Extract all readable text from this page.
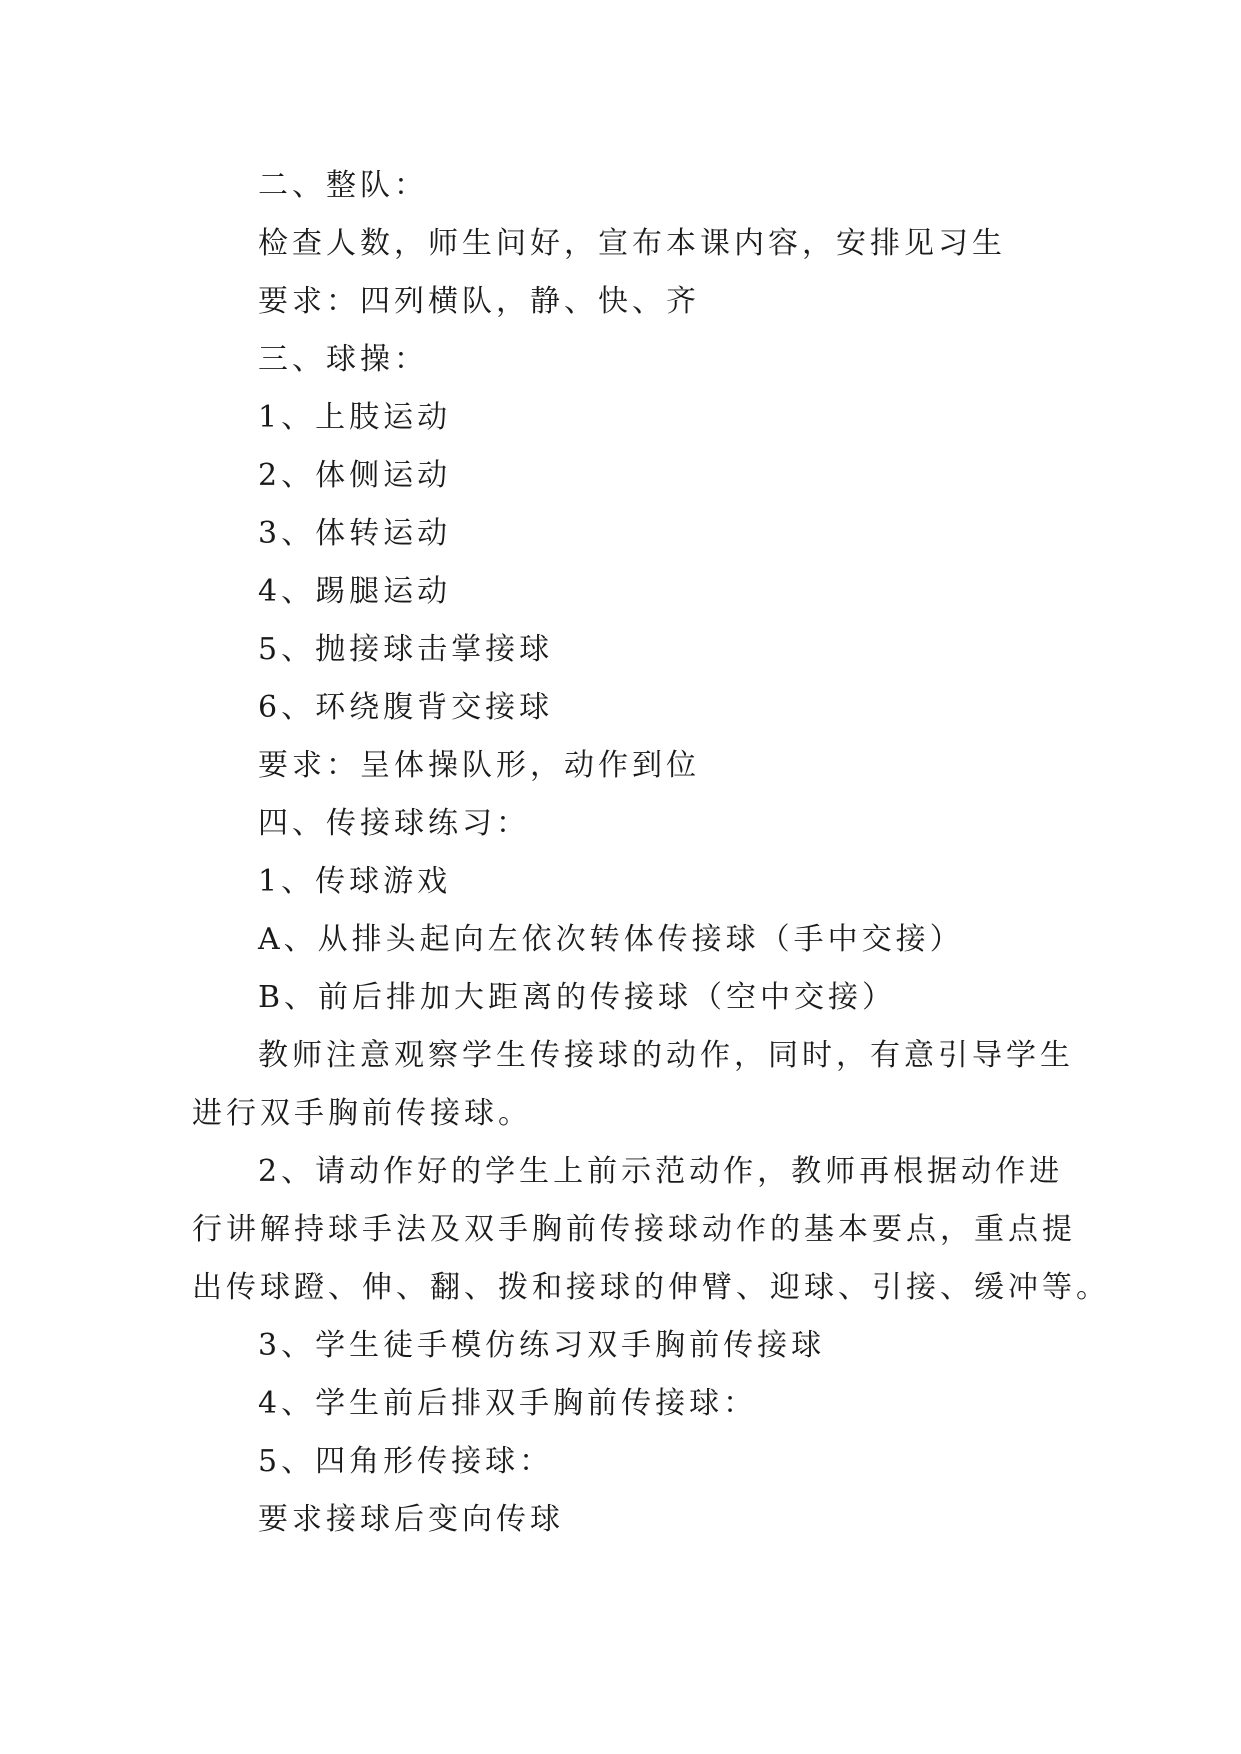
二、整队：
检查人数，师生问好，宣布本课内容，安排见习生
要求：四列横队，静、快、齐
三、球操：
1、上肢运动
2、体侧运动
3、体转运动
4、踢腿运动
5、抛接球击掌接球
6、环绕腹背交接球
要求：呈体操队形，动作到位
四、传接球练习：
1、传球游戏
A、从排头起向左依次转体传接球（手中交接）
B、前后排加大距离的传接球（空中交接）
教师注意观察学生传接球的动作，同时，有意引导学生
进行双手胸前传接球。
2、请动作好的学生上前示范动作，教师再根据动作进
行讲解持球手法及双手胸前传接球动作的基本要点，重点提
出传球蹬、伸、翻、拨和接球的伸臂、迎球、引接、缓冲等。
3、学生徒手模仿练习双手胸前传接球
4、学生前后排双手胸前传接球：
5、四角形传接球：
要求接球后变向传球
